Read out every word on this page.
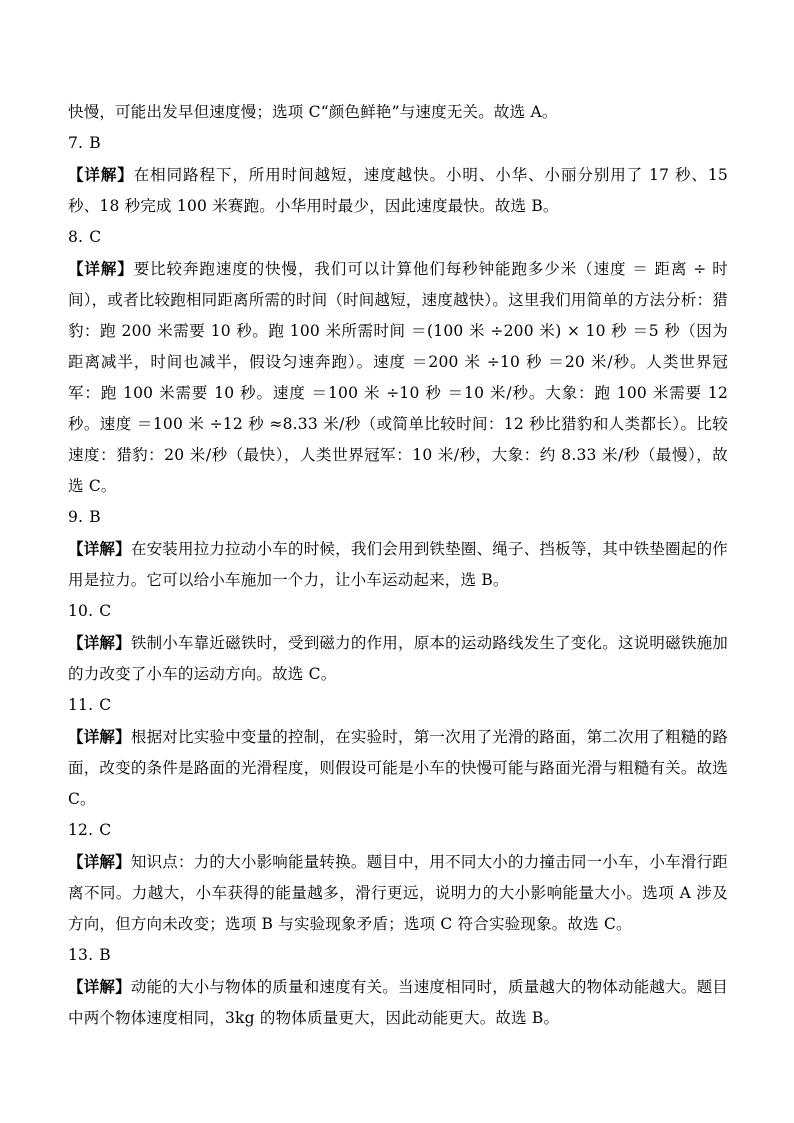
快慢，可能出发早但速度慢；选项 C“颜色鲜艳”与速度无关。故选 A。

7. B

【详解】在相同路程下，所用时间越短，速度越快。小明、小华、小丽分别用了 17 秒、15 秒、18 秒完成 100 米赛跑。小华用时最少，因此速度最快。故选 B。

8. C

【详解】要比较奔跑速度的快慢，我们可以计算他们每秒钟能跑多少米（速度 ＝ 距离 ÷ 时间），或者比较跑相同距离所需的时间（时间越短，速度越快）。这里我们用简单的方法分析：猎豹：跑 200 米需要 10 秒。跑 100 米所需时间 ＝(100 米 ÷200 米) × 10 秒 ＝5 秒（因为距离减半，时间也减半，假设匀速奔跑）。速度 ＝200 米 ÷10 秒 ＝20 米/秒。人类世界冠军：跑 100 米需要 10 秒。速度 ＝100 米 ÷10 秒 ＝10 米/秒。大象：跑 100 米需要 12 秒。速度 ＝100 米 ÷12 秒 ≈8.33 米/秒（或简单比较时间：12 秒比猎豹和人类都长）。比较速度：猎豹：20 米/秒（最快），人类世界冠军：10 米/秒，大象：约 8.33 米/秒（最慢），故选 C。

9. B

【详解】在安装用拉力拉动小车的时候，我们会用到铁垫圈、绳子、挡板等，其中铁垫圈起的作用是拉力。它可以给小车施加一个力，让小车运动起来，选 B。

10. C

【详解】铁制小车靠近磁铁时，受到磁力的作用，原本的运动路线发生了变化。这说明磁铁施加的力改变了小车的运动方向。故选 C。

11. C

【详解】根据对比实验中变量的控制，在实验时，第一次用了光滑的路面，第二次用了粗糙的路面，改变的条件是路面的光滑程度，则假设可能是小车的快慢可能与路面光滑与粗糙有关。故选 C。

12. C

【详解】知识点：力的大小影响能量转换。题目中，用不同大小的力撞击同一小车，小车滑行距离不同。力越大，小车获得的能量越多，滑行更远，说明力的大小影响能量大小。选项 A 涉及方向，但方向未改变；选项 B 与实验现象矛盾；选项 C 符合实验现象。故选 C。

13. B

【详解】动能的大小与物体的质量和速度有关。当速度相同时，质量越大的物体动能越大。题目中两个物体速度相同，3kg 的物体质量更大，因此动能更大。故选 B。
